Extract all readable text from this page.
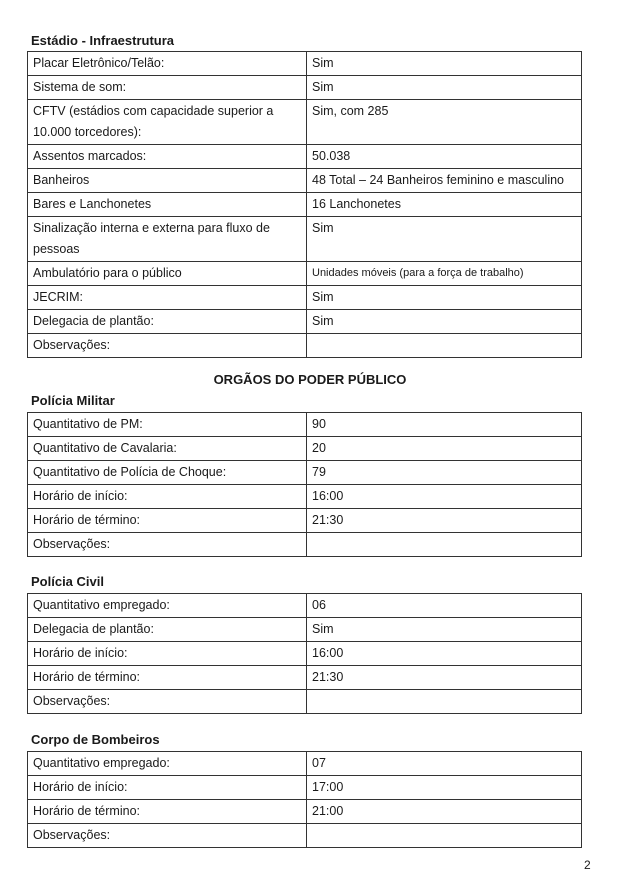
Estádio - Infraestrutura
Placar Eletrônico/Telão:	Sim
Sistema de som:	Sim
CFTV (estádios com capacidade superior a 10.000 torcedores):	Sim, com 285
Assentos marcados:	50.038
Banheiros	48 Total – 24 Banheiros feminino e masculino
Bares e Lanchonetes	16 Lanchonetes
Sinalização interna e externa para fluxo de pessoas	Sim
Ambulatório para o público	Unidades móveis (para a força de trabalho)
JECRIM:	Sim
Delegacia de plantão:	Sim
Observações:	
ORGÃOS DO PODER PÚBLICO
Polícia Militar
Quantitativo de PM:	90
Quantitativo de Cavalaria:	20
Quantitativo de Polícia de Choque:	79
Horário de início:	16:00
Horário de término:	21:30
Observações:	
Polícia Civil
Quantitativo empregado:	06
Delegacia de plantão:	Sim
Horário de início:	16:00
Horário de término:	21:30
Observações:	
Corpo de Bombeiros
Quantitativo empregado:	07
Horário de início:	17:00
Horário de término:	21:00
Observações:	
2
